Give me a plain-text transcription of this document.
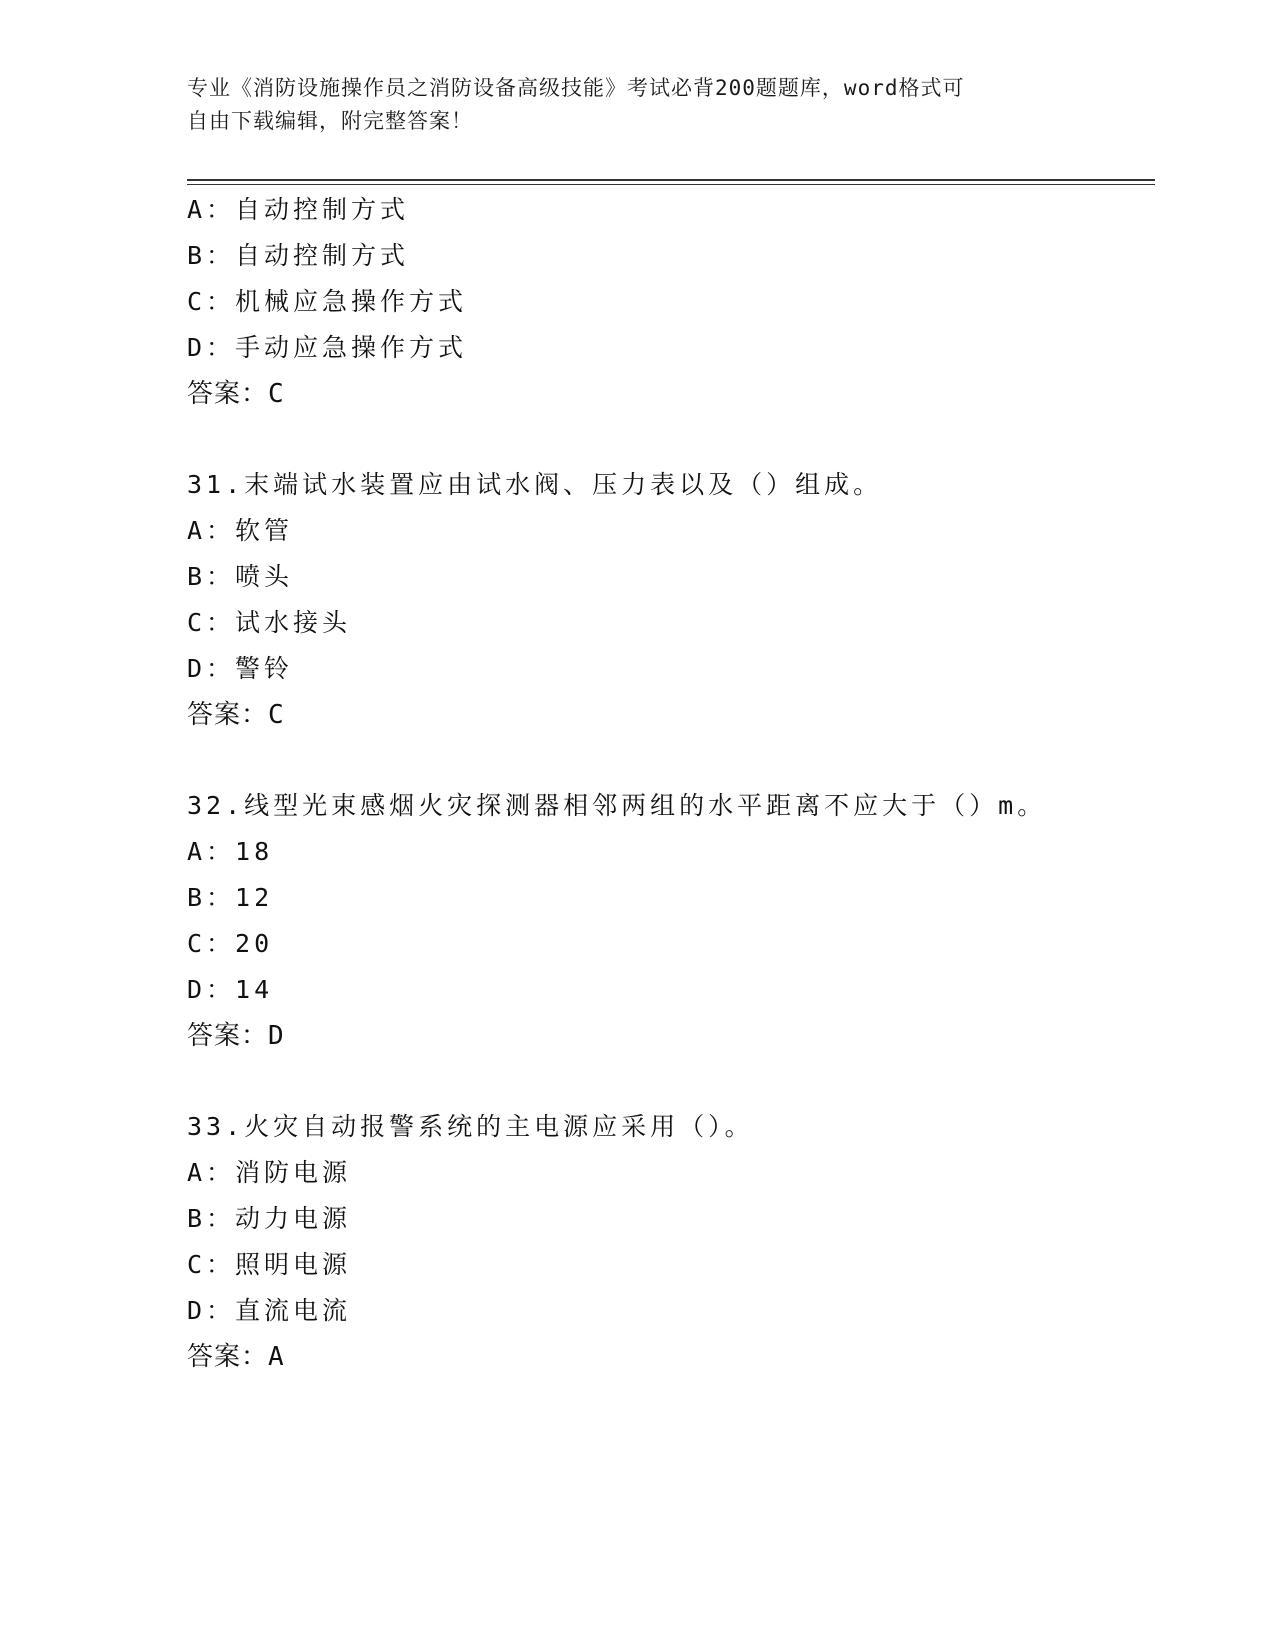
专业《消防设施操作员之消防设备高级技能》考试必背200题题库，word格式可
自由下载编辑，附完整答案！
A：自动控制方式
B：自动控制方式
C：机械应急操作方式
D：手动应急操作方式
答案：C
31.末端试水装置应由试水阀、压力表以及（）组成。
A：软管
B：喷头
C：试水接头
D：警铃
答案：C
32.线型光束感烟火灾探测器相邻两组的水平距离不应大于（）m。
A：18
B：12
C：20
D：14
答案：D
33.火灾自动报警系统的主电源应采用（）。
A：消防电源
B：动力电源
C：照明电源
D：直流电流
答案：A
